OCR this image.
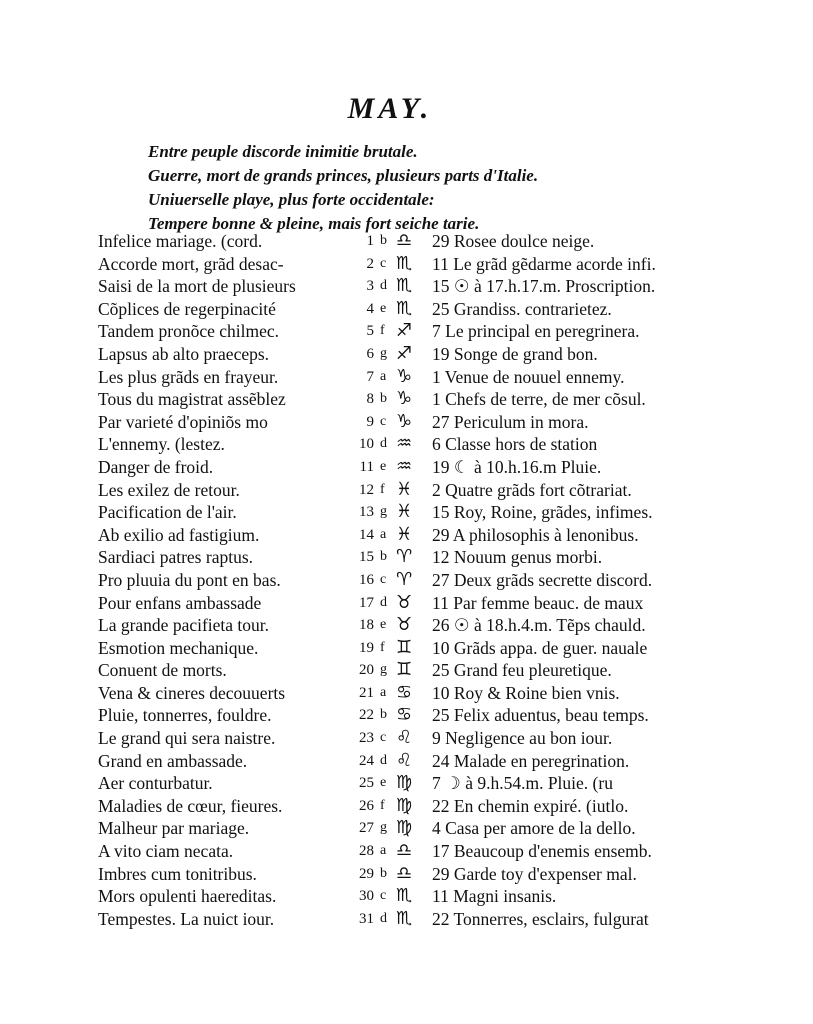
MAY.
Entre peuple discorde inimitie brutale.
Guerre, mort de grands princes, plusieurs parts d'Italie.
Uniuerselle playe, plus forte occidentale:
Tempere bonne & pleine, mais fort seiche tarie.
Infelice mariage. (cord.	1 b ♎	29 Rosee doulce neige.
Accorde mort, grãd desac-	2 c ♏	11 Le grãd gẽdarme acorde infi.
Saisi de la mort de plusieurs	3 d ♏	15 ☉ à 17.h.17.m. Proscription.
Cõplices de regerpinacité	4 e ♏	25 Grandiss. contrarietez.
Tandem pronõce chilmec.	5 f ♐	7 Le principal en peregrinera.
Lapsus ab alto praeceps.	6 g ♐	19 Songe de grand bon.
Les plus grãds en frayeur.	7 a ♑	1 Venue de nouuel ennemy.
Tous du magistrat assẽblez	8 b ♑	1 Chefs de terre, de mer cõsul.
Par varieté d'opiniõs mo	9 c ♑	27 Periculum in mora.
L'ennemy. (lestez.	10 d ♒	6 Classe hors de station
Danger de froid.	11 e ♒	19 ☾ à 10.h.16.m Pluie.
Les exilez de retour.	12 f ♓	2 Quatre grãds fort cõtrariat.
Pacification de l'air.	13 g ♓	15 Roy, Roine, grãdes, infimes.
Ab exilio ad fastigium.	14 a ♓	29 A philosophis à lenonibus.
Sardiaci patres raptus.	15 b ♈	12 Nouum genus morbi.
Pro pluuia du pont en bas.	16 c ♈	27 Deux grãds secrette discord.
Pour enfans ambassade	17 d ♉	11 Par femme beauc. de maux
La grande pacifieta tour.	18 e ♉	26 ☉ à 18.h.4.m. Tẽps chauld.
Esmotion mechanique.	19 f ♊	10 Grãds appa. de guer. nauale
Conuent de morts.	20 g ♊	25 Grand feu pleuretique.
Vena & cineres decouuerts	21 a ♋	10 Roy & Roine bien vnis.
Pluie, tonnerres, fouldre.	22 b ♋	25 Felix aduentus, beau temps.
Le grand qui sera naistre.	23 c ♌	9 Negligence au bon iour.
Grand en ambassade.	24 d ♌	24 Malade en peregrination.
Aer conturbatur.	25 e ♍	7 ☽ à 9.h.54.m. Pluie. (ru
Maladies de cœur, fieures.	26 f ♍	22 En chemin expiré. (iutlo.
Malheur par mariage.	27 g ♍	4 Casa per amore de la dello.
A vito ciam necata.	28 a ♎	17 Beaucoup d'enemis ensemb.
Imbres cum tonitribus.	29 b ♎	29 Garde toy d'expenser mal.
Mors opulenti haereditas.	30 c ♏	11 Magni insanis.
Tempestes. La nuict iour.	31 d ♏	22 Tonnerres, esclairs, fulgurat
